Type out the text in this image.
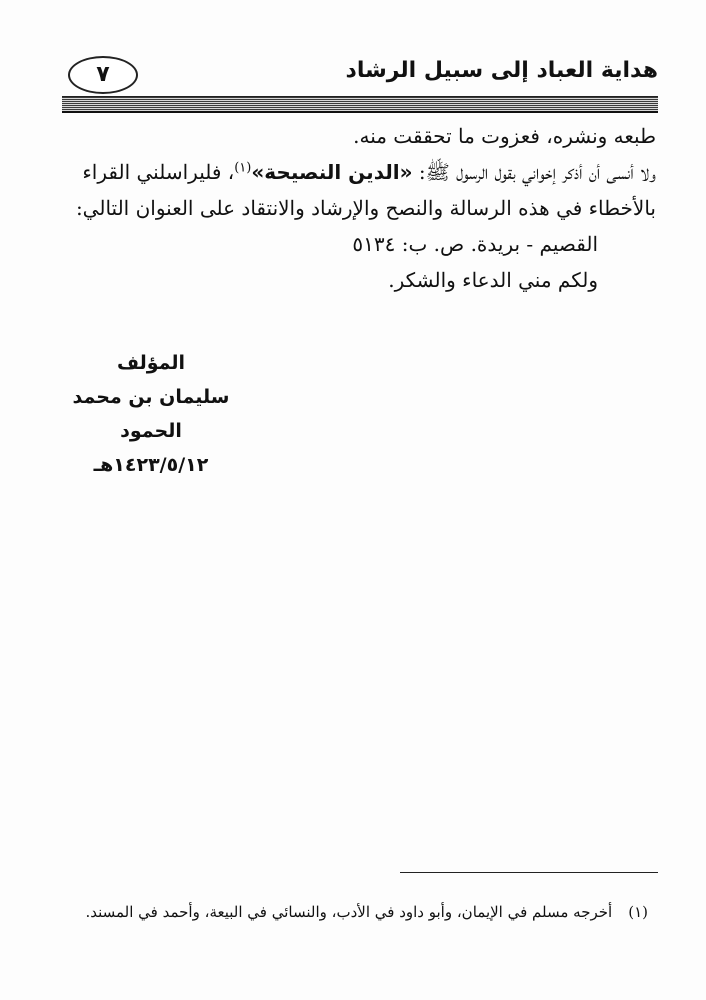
هداية العباد إلى سبيل الرشاد
٧

طبعه ونشره، فعزوت ما تحققت منه.

ولا أنسى أن أذكر إخواني بقول الرسول ﷺ: «الدين النصيحة»$^{(١)}$، فليراسلني القراء بالأخطاء في هذه الرسالة والنصح والإرشاد والانتقاد على العنوان التالي:

القصيم - بريدة. ص. ب: ٥١٣٤

ولكم مني الدعاء والشكر.

المؤلف
سليمان بن محمد الحمود
١٤٢٣/٥/١٢هـ
(١)أخرجه مسلم في الإيمان، وأبو داود في الأدب، والنسائي في البيعة، وأحمد في المسند.
